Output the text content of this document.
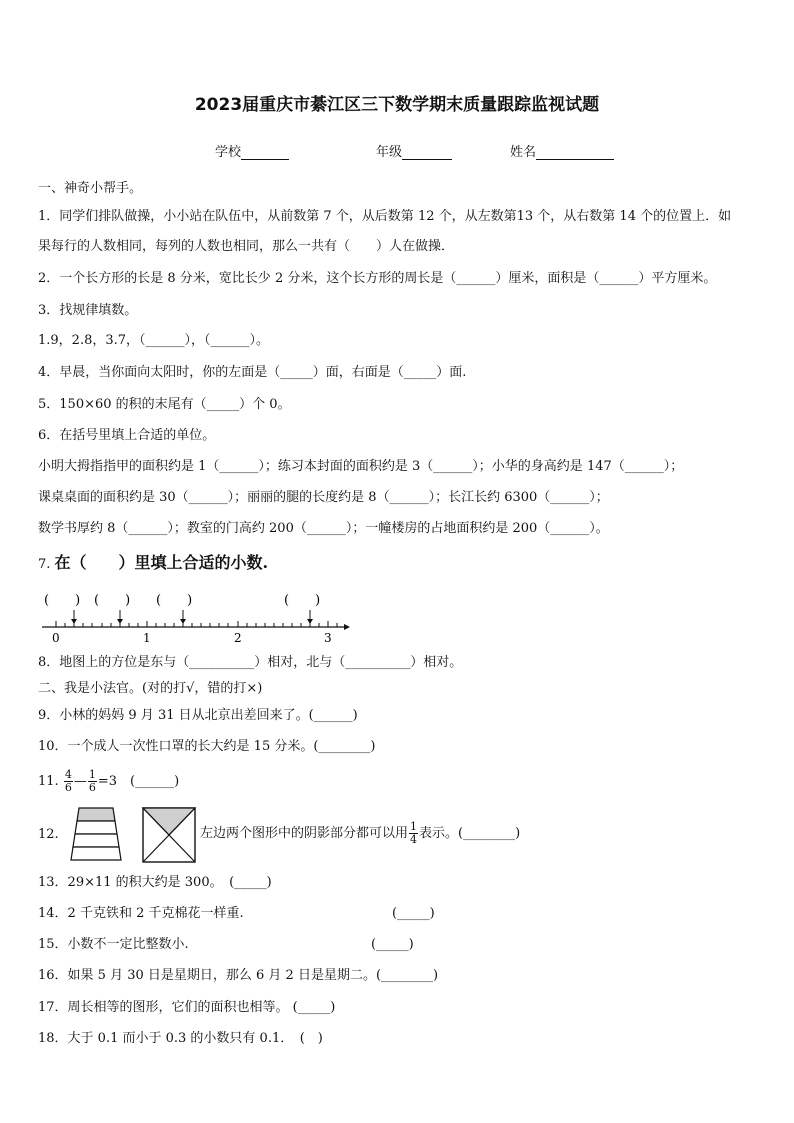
2023届重庆市綦江区三下数学期末质量跟踪监视试题
学校	年级	姓名
一、神奇小帮手。
1．同学们排队做操，小小站在队伍中，从前数第 7 个，从后数第 12 个，从左数第13 个，从右数第 14 个的位置上．如
果每行的人数相同，每列的人数也相同，那么一共有（　　）人在做操．
2．一个长方形的长是 8 分米，宽比长少 2 分米，这个长方形的周长是（______）厘米，面积是（______）平方厘米。
3．找规律填数。
1.9，2.8，3.7，（______），（______）。
4．早晨，当你面向太阳时，你的左面是（_____）面，右面是（_____）面.
5．150×60 的积的末尾有（_____）个 0。
6．在括号里填上合适的单位。
小明大拇指指甲的面积约是 1（______）；练习本封面的面积约是 3（______）；小华的身高约是 147（______）；
课桌桌面的面积约是 30（______）；丽丽的腿的长度约是 8（______）；长江长约 6300（______）；
数学书厚约 8（______）；教室的门高约 200（______）；一幢楼房的占地面积约是 200（______）。
7. 在（　　）里填上合适的小数.
(　　) (　　) (　　)	(　　)
0	1	2	3
8．地图上的方位是东与（__________）相对，北与（__________）相对。
二、我是小法官。(对的打√，错的打×)
9．小林的妈妈 9 月 31 日从北京出差回来了。(______)
10．一个成人一次性口罩的长大约是 15 分米。(________)
11. $\frac{4}{6}$ — $\frac{1}{6} =3$　(______)
12.	左边两个图形中的阴影部分都可以用 $\frac{1}{4}$ 表示。(________)
13．29×11 的积大约是 300。　(_____)
14．2 千克铁和 2 千克棉花一样重.	(_____)
15．小数不一定比整数小.	(_____)
16．如果 5 月 30 日是星期日，那么 6 月 2 日是星期二。(________)
17．周长相等的图形，它们的面积也相等。 (_____)
18．大于 0.1 而小于 0.3 的小数只有 0.1．　(　)
